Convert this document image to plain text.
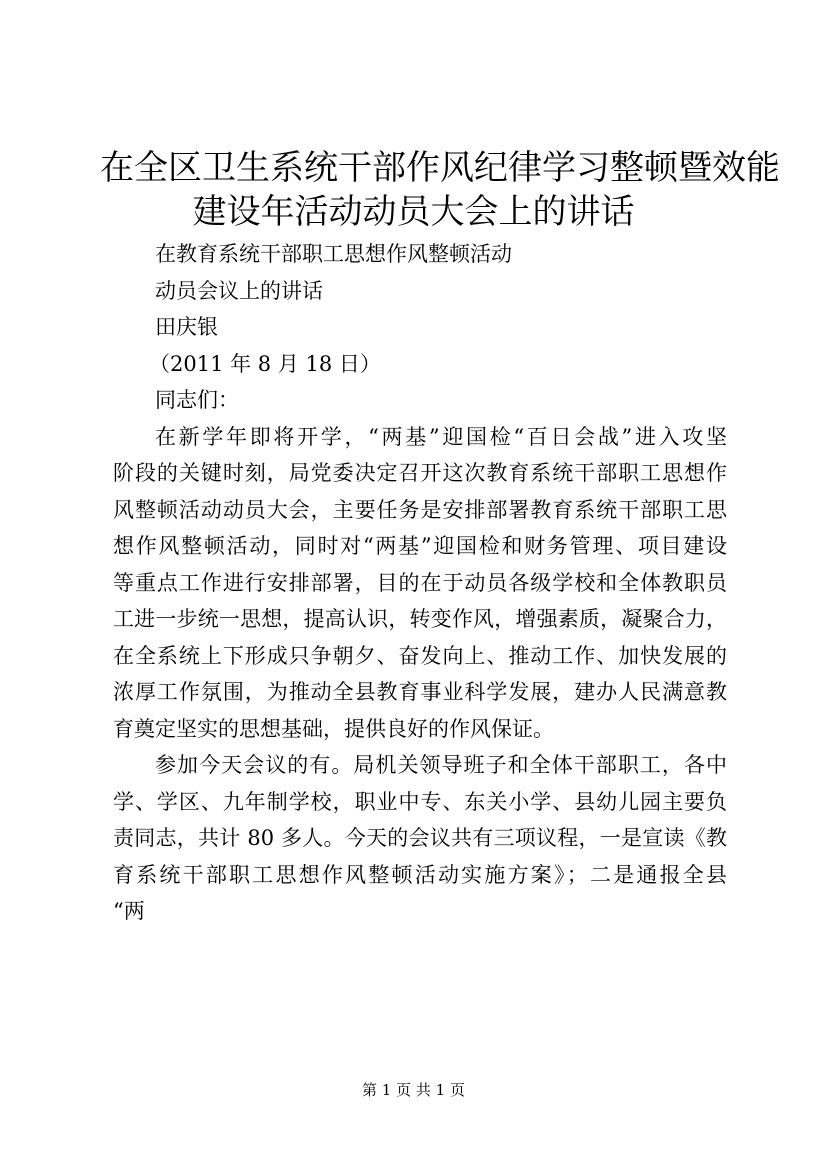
在全区卫生系统干部作风纪律学习整顿暨效能
建设年活动动员大会上的讲话
在教育系统干部职工思想作风整顿活动
动员会议上的讲话
田庆银
（2011 年 8 月 18 日）
同志们：
在新学年即将开学，“两基”迎国检“百日会战”进入攻坚
阶段的关键时刻，局党委决定召开这次教育系统干部职工思想作
风整顿活动动员大会，主要任务是安排部署教育系统干部职工思
想作风整顿活动，同时对“两基”迎国检和财务管理、项目建设
等重点工作进行安排部署，目的在于动员各级学校和全体教职员
工进一步统一思想，提高认识，转变作风，增强素质，凝聚合力，
在全系统上下形成只争朝夕、奋发向上、推动工作、加快发展的
浓厚工作氛围，为推动全县教育事业科学发展，建办人民满意教
育奠定坚实的思想基础，提供良好的作风保证。
参加今天会议的有。局机关领导班子和全体干部职工，各中
学、学区、九年制学校，职业中专、东关小学、县幼儿园主要负
责同志，共计 80 多人。今天的会议共有三项议程，一是宣读《教
育系统干部职工思想作风整顿活动实施方案》；二是通报全县
“两
第 1 页 共 1 页
